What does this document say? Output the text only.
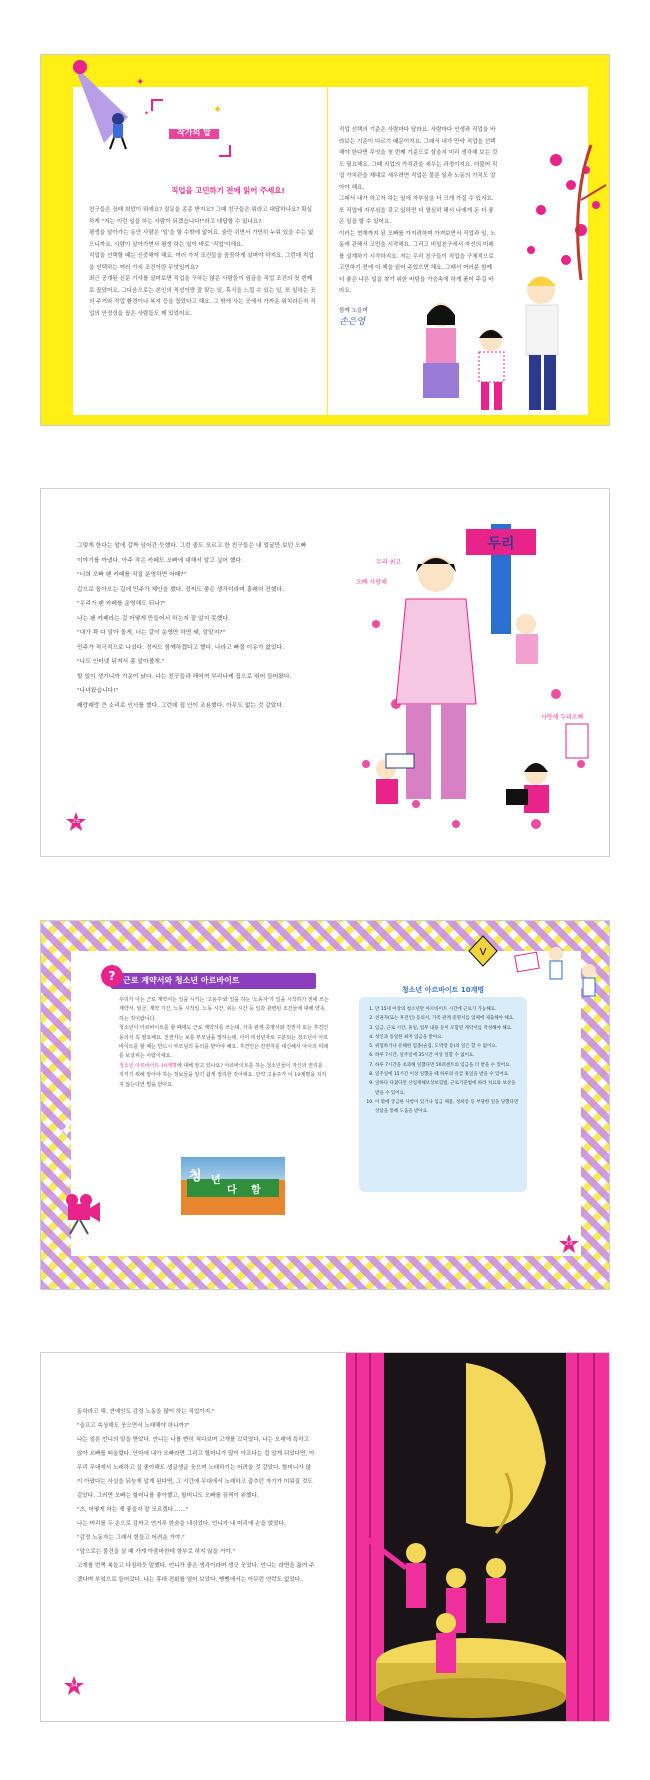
✦
✦
작가의 말
✦
직업을 고민하기 전에 읽어 주세요!

친구들은 장래 희망이 뭐예요? 질문을 종종 받지요? 그때 친구들은 뭐라고 대답하나요? 확실하게 "저는 이런 일을 하는 사람이 되겠습니다!"라고 대답할 수 있나요?

평생을 살아가는 동안 사람은 '일'을 할 수밖에 없어요. 숨만 쉬면서 가만히 누워 있을 수는 없으니까요. 사람이 살아가면서 평생 하는 일이 바로 '직업'이에요.

직업을 선택할 때는 신중해야 해요. 여러 가지 조건들을 꼼꼼하게 살펴야 하지요. 그런데 직업을 선택하는 여러 가지 조건이란 무엇일까요?

최근 공개된 신문 기사를 살펴보면 직업을 구하는 많은 사람들이 임금을 직업 조건의 첫 번째로 꼽았어요. 그다음으로는 본인의 적성이랑 잘 맞는 일, 휴식을 느낄 수 있는 일, 또 일하는 곳의 주거와 작업 환경이나 복지 등을 꼽았다고 해요. 그 밖에 사는 곳에서 가까운 위치라든지 직업의 안정성을 꼽은 사람들도 꽤 있었어요.

직업 선택의 기준은 사람마다 달라요. 사람마다 인생과 직업을 바라보는 기준이 다르기 때문이지요. 그래서 내가 만약 직업을 선택해야 한다면 무엇을 첫 번째 기준으로 삼을지 미리 생각해 보는 것도 필요해요. 그때 직업의 가치관을 세우는 과정이지요. 더불어 직업 가치관을 제대로 세우려면 직업은 물론 일과 노동의 가치도 알아야 해요.

그래서 내가 하고자 하는 일에 자부심을 더 크게 가질 수 있지요. 또 직업에 자부심을 갖고 일하면 더 열심히 해서 나에게 돈 더 좋은 일을 할 수 있어요.

이러는 현재까지 된 오빠를 가지려하며 가져보면서 직업과 일, 노동에 관해서 고민을 시작해요. 그리고 비밀친구에서 자신의 미래를 설계하기 시작하지요. 저는 우리 친구들이 직업을 구체적으로 고민하기 전에 이 책을 읽어 주었으면 해요. 그래서 여러분 함께 더 좋은 나은 일을 찾기 위한 바탕을 가슴속에 하게 품어 주길 바라요.

함께 노을며

손은영

그렇게 한다는 말에 갑짝 넘어간 듯했다. 그런 줄도 모르고 한 친구들은 내 얼굴만 보던 오빠 이야기를 까냈다. 아주 작은 카페도 오빠에 대해서 알고 싶어 했다.

"너희 오빠 팬 카페를 직접 운영하면 어때?"

갑으로 돌아오는 길에 민주가 제안을 했다. 정씨도 좋은 생각이라며 흥쾌히 잔했다.

"우리가 팬 카페를 운영해도 되나?"

나는 팬 카페라는 걸 어떻게 만들어서 하는지 잘 알지 못했다.

"내가 꽉 다 알아 돌게, 너는 같이 운영만 하면 돼, 알았지?"

민주가 적극적으로 나섰다. 정씨도 함께하겠다고 했다. 나라고 빠질 이유가 없었다.

"나도 인터넷 뒤져서 좀 알아볼게."

할 일이 생기니까 기운이 났다. 나는 친구들과 헤어져 부리나케 집으로 뛰어 들어왔다.

"나녀왔습니다!"

쾌랑쾌랑 큰 소리로 인사를 했다. 그런데 집 안이 조용했다. 아무도 없는 것 같았다.

26
두리
오빠 사랑해
두리 최고
사랑해 두리오빠
근로 계약서와 청소년 아르바이트
?

우리가 아는 근로 계약서는 일을 시키는 '고용주'와 일을 하는 '노동자'가 일을 시작하기 전에 쓰는 계약서. 임금, 계약 기간, 노동 시작일, 노동 시간, 쉬는 시간 등 일과 관련된 조건들에 대해 약속하는 것이랍니다.

청소년이 아르바이트를 할 때에도 근로 계약서를 쓰는데, 가족 관계 증명서와 친권자 또는 후견인 동의서 꼭 필요해요. 친권자는 보통 부모님을 말하는데, 이미 미성년자로 구분되는 청소년이 아르바이트를 할 때는 반드시 부모님의 동의를 받아야 해요. 후견인은 친권자를 대신해서 아이의 미래를 보살피는 사람이에요.

청소년 아르바이트 10계명에 대해 알고 있나요? 아르바이트를 하는 청소년들이 자신의 권리를 지키기 위해 알아야 하는 정보들을 알기 쉽게 정리한 것이에요. 만약 고용주가 이 10계명을 지키지 않는다면 벌을 받아요.

청 년
다 함
✦
청소년 아르바이트 10계명
1. 만 15세 이상의 청소년만 아르바이트 시간에 근로가 가능해요.
2. 친권자(또는 후견인) 동의서, 가족 관계 증명서를 업체에 제출해야 해요.
3. 임금, 근로 시간, 휴일, 업무 내용 등이 포함된 계약서를 작성해야 해요.
4. 성인과 동일한 최저 임금을 받아요.
5. 위험하거나 유해한 업종(술집, 도박장 등)의 일은 할 수 없어요.
6. 하루 7시간, 일주일에 35시간 이상 일할 수 없어요.
7. 하루 7시간을 초과해 일했다면 50퍼센트의 임금을 더 받을 수 있어요.
8. 일주일에 15시간 이상 일했을 때 하루의 유급 휴일을 받을 수 있어요.
9. 일하다 다쳤다면 산업재해보상보험법, 근로기준법에 따라 치료와 보상을 받을 수 있어요.
10. 이 밖에 궁금한 사항이 있거나 임금 체불, 성희롱 등 부당한 일을 당했다면 상담을 통해 도움을 받아요.
V
29

동하라고 해. 연예인도 감정 노동을 많이 하는 직업이지."

"슬프고 속상해도 웃으면서 노래해야 하니까?"

나는 얼른 언니의 말을 받았다. 언니는 나를 빤히 쳐다보며 고개를 끄덕였다. 나는 오래에 특하고 앉아 오빠를 떠올렸다. 안마에 내가 오빠라면 그리고 할머니가 많이 아프다는 걸 알게 되었다면, 아무리 무대에서 노래하고 싶 좋아해도 생글생글 웃으며 노래하기는 어려울 것 같았다. 할머니가 많이 아팠다는 사실을 뒤늦게 알게 된다면, 그 시간에 무대에서 노래하고 춤추던 자기가 미워질 것도 같았다. 그러면 오빠는 할머니를 좋아했고, 할머니도 오빠를 끔찍이 위했다.

"츠, 어떻게 하는 게 좋을지 잘 모르겠다……."

나는 머리를 두 손으로 감싸고 연거푸 한숨을 내쉬었다. 언니가 내 머리에 손을 얹었다.

"감정 노동자는 그래서 힘들고 어려운 거야."

"앞으로는 물건을 살 때 가게 아줌마한테 함부로 하지 않을 거야."

고개를 번쩍 복들고 다짐하듯 말했다. 언니가 좋은 생각이라며 생긋 웃었다. 언니는 라면을 끓여 주겠다며 부엌으로 들어갔다. 나는 휴대 전화를 열어 보았다. 빵빵에서는 아무런 연락도 없었다.

34
